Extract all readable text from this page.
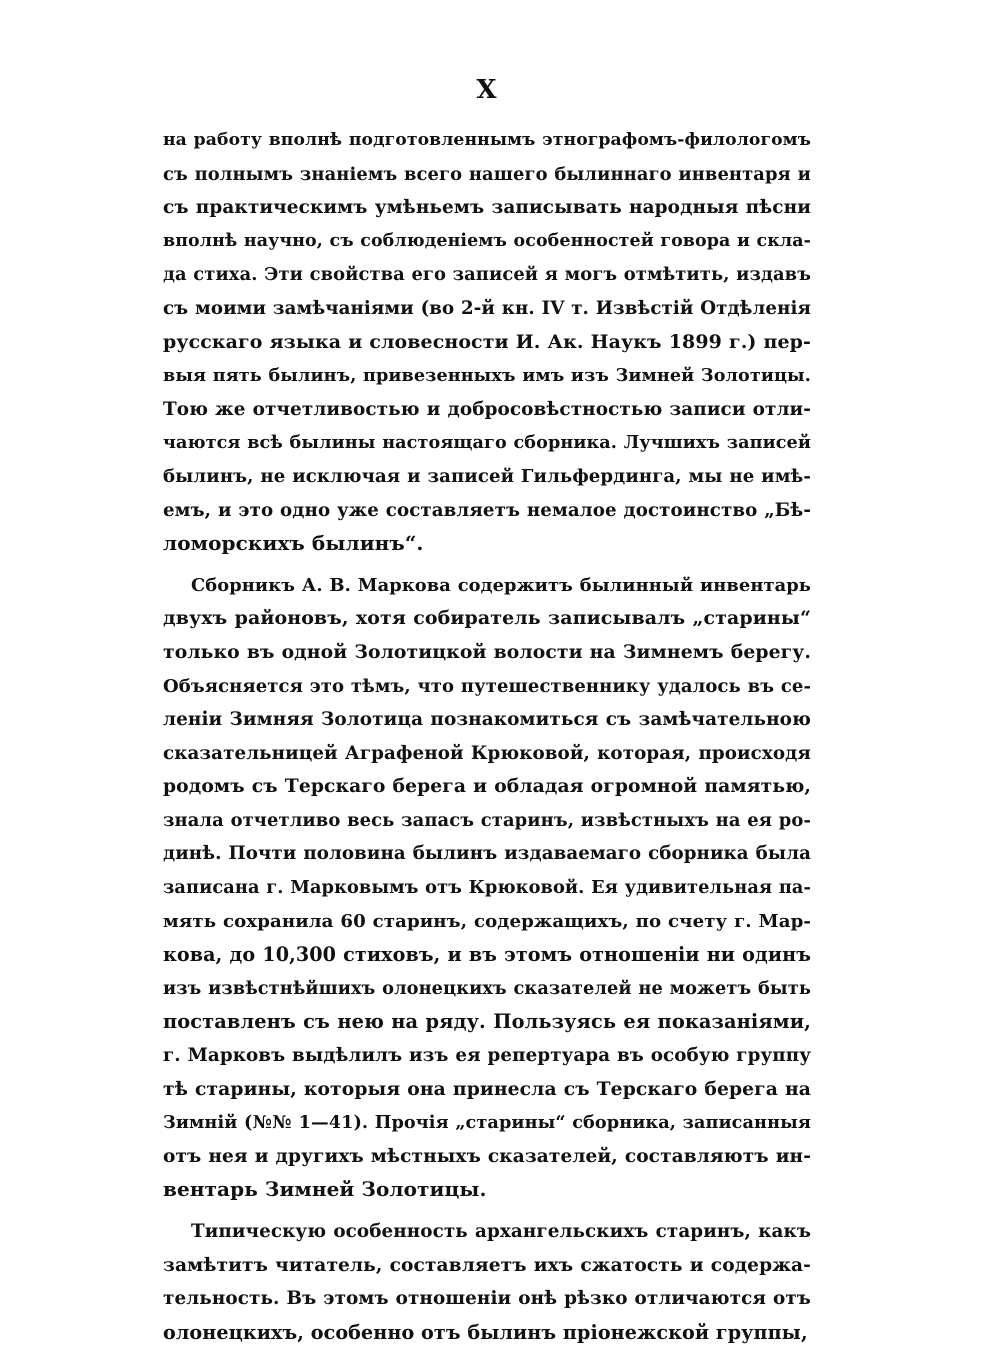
X
на работу вполнѣ подготовленнымъ этнографомъ-филологомъ
съ полнымъ знаніемъ всего нашего былиннаго инвентаря и
съ практическимъ умѣньемъ записывать народныя пѣсни
вполнѣ научно, съ соблюденіемъ особенностей говора и скла-
да стиха. Эти свойства его записей я могъ отмѣтить, издавъ
съ моими замѣчаніями (во 2-й кн. IV т. Извѣстій Отдѣленія
русскаго языка и словесности И. Ак. Наукъ 1899 г.) пер-
выя пять былинъ, привезенныхъ имъ изъ Зимней Золотицы.
Тою же отчетливостью и добросовѣстностью записи отли-
чаются всѣ былины настоящаго сборника. Лучшихъ записей
былинъ, не исключая и записей Гильфердинга, мы не имѣ-
емъ, и это одно уже составляетъ немалое достоинство „Бѣ-
ломорскихъ былинъ“.
Сборникъ А. В. Маркова содержитъ былинный инвентарь
двухъ районовъ, хотя собиратель записывалъ „старины“
только въ одной Золотицкой волости на Зимнемъ берегу.
Объясняется это тѣмъ, что путешественнику удалось въ се-
леніи Зимняя Золотица познакомиться съ замѣчательною
сказательницей Аграфеной Крюковой, которая, происходя
родомъ съ Терскаго берега и обладая огромной памятью,
знала отчетливо весь запасъ старинъ, извѣстныхъ на ея ро-
динѣ. Почти половина былинъ издаваемаго сборника была
записана г. Марковымъ отъ Крюковой. Ея удивительная па-
мять сохранила 60 старинъ, содержащихъ, по счету г. Мар-
кова, до 10,300 стиховъ, и въ этомъ отношеніи ни одинъ
изъ извѣстнѣйшихъ олонецкихъ сказателей не можетъ быть
поставленъ съ нею на ряду. Пользуясь ея показаніями,
г. Марковъ выдѣлилъ изъ ея репертуара въ особую группу
тѣ старины, которыя она принесла съ Терскаго берега на
Зимній (№№ 1—41). Прочія „старины“ сборника, записанныя
отъ нея и другихъ мѣстныхъ сказателей, составляютъ ин-
вентарь Зимней Золотицы.
Типическую особенность архангельскихъ старинъ, какъ
замѣтитъ читатель, составляетъ ихъ сжатость и содержа-
тельность. Въ этомъ отношеніи онѣ рѣзко отличаются отъ
олонецкихъ, особенно отъ былинъ пріонежской группы,
